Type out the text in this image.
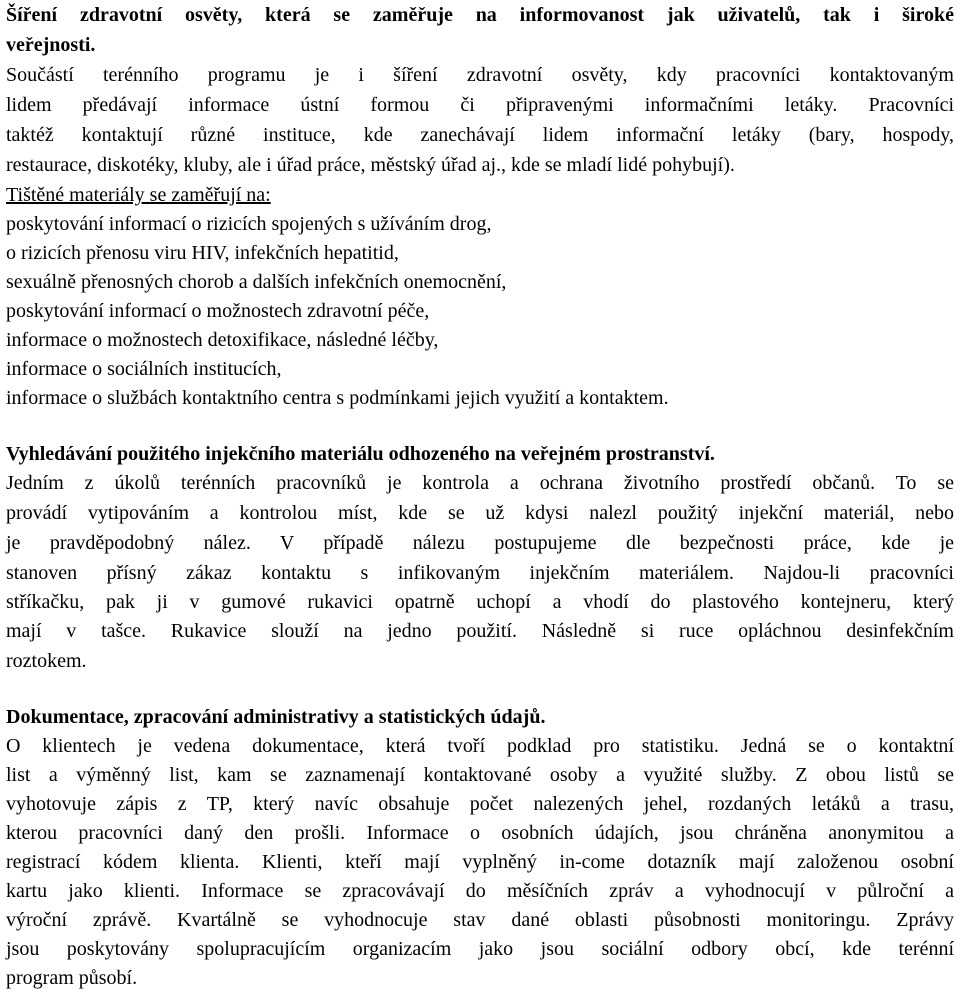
Šíření zdravotní osvěty, která se zaměřuje na informovanost jak uživatelů, tak i široké
veřejnosti.
Součástí terénního programu je i šíření zdravotní osvěty, kdy pracovníci kontaktovaným
lidem předávají informace ústní formou či připravenými informačními letáky. Pracovníci
taktéž kontaktují různé instituce, kde zanechávají lidem informační letáky (bary, hospody,
restaurace, diskotéky, kluby, ale i úřad práce, městský úřad aj., kde se mladí lidé pohybují).
Tištěné materiály se zaměřují na:
poskytování informací o rizicích spojených s užíváním drog,
o rizicích přenosu viru HIV, infekčních hepatitid,
sexuálně přenosných chorob a dalších infekčních onemocnění,
poskytování informací o možnostech zdravotní péče,
informace o možnostech detoxifikace, následné léčby,
informace o sociálních institucích,
informace o službách kontaktního centra s podmínkami jejich využití a kontaktem.
Vyhledávání použitého injekčního materiálu odhozeného na veřejném prostranství.
Jedním z úkolů terénních pracovníků je kontrola a ochrana životního prostředí občanů. To se
provádí vytipováním a kontrolou míst, kde se už kdysi nalezl použitý injekční materiál, nebo
je pravděpodobný nález. V případě nálezu postupujeme dle bezpečnosti práce, kde je
stanoven přísný zákaz kontaktu s infikovaným injekčním materiálem. Najdou-li pracovníci
stříkačku, pak ji v gumové rukavici opatrně uchopí a vhodí do plastového kontejneru, který
mají v tašce. Rukavice slouží na jedno použití. Následně si ruce opláchnou desinfekčním
roztokem.
Dokumentace, zpracování administrativy a statistických údajů.
O klientech je vedena dokumentace, která tvoří podklad pro statistiku. Jedná se o kontaktní
list a výměnný list, kam se zaznamenají kontaktované osoby a využité služby. Z obou listů se
vyhotovuje zápis z TP, který navíc obsahuje počet nalezených jehel, rozdaných letáků a trasu,
kterou pracovníci daný den prošli. Informace o osobních údajích, jsou chráněna anonymitou a
registrací kódem klienta. Klienti, kteří mají vyplněný in-come dotazník mají založenou osobní
kartu jako klienti. Informace se zpracovávají do měsíčních zpráv a vyhodnocují v půlroční a
výroční zprávě. Kvartálně se vyhodnocuje stav dané oblasti působnosti monitoringu. Zprávy
jsou poskytovány spolupracujícím organizacím jako jsou sociální odbory obcí, kde terénní
program působí.
